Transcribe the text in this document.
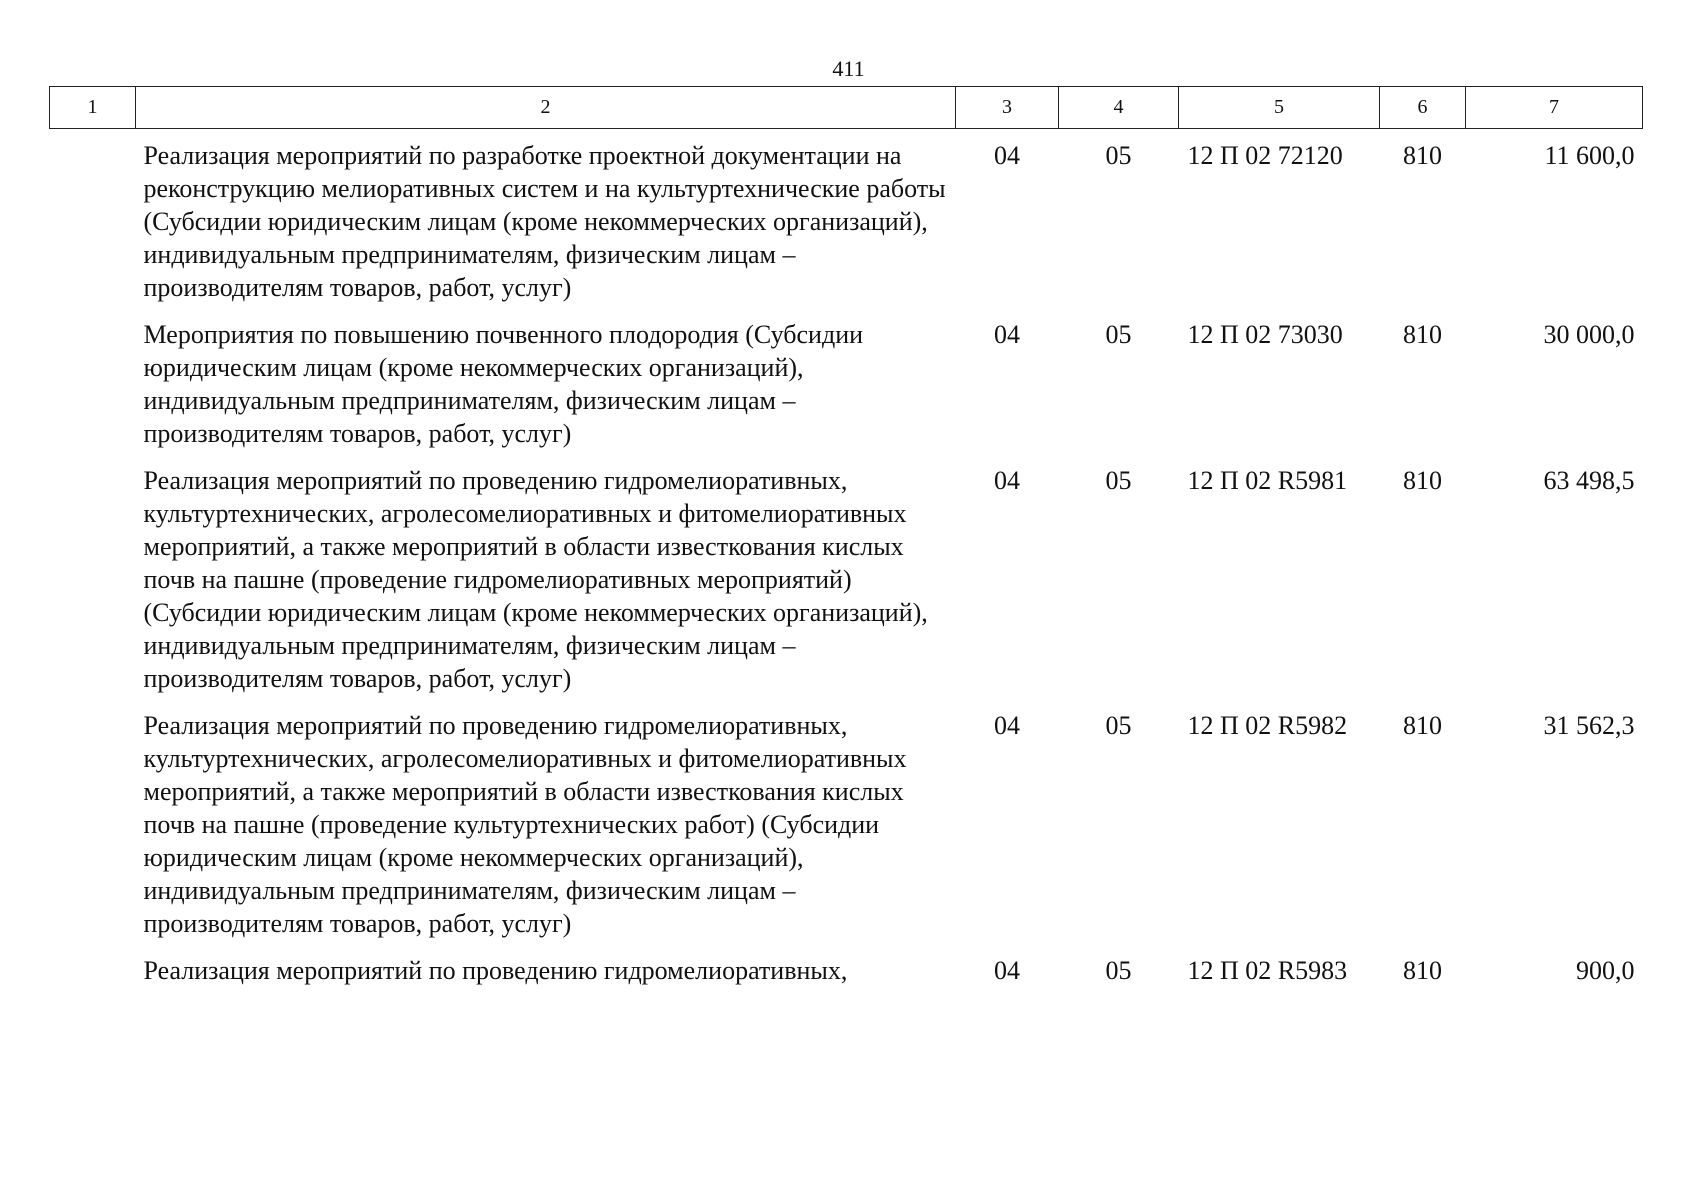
411
1	2	3	4	5	6	7
	Реализация мероприятий по разработке проектной документации на реконструкцию мелиоративных систем и на культуртехнические работы (Субсидии юридическим лицам (кроме некоммерческих организаций), индивидуальным предпринимателям, физическим лицам – производителям товаров, работ, услуг)	04	05	12 П 02 72120	810	11 600,0
	Мероприятия по повышению почвенного плодородия (Субсидии юридическим лицам (кроме некоммерческих организаций), индивидуальным предпринимателям, физическим лицам – производителям товаров, работ, услуг)	04	05	12 П 02 73030	810	30 000,0
	Реализация мероприятий по проведению гидромелиоративных, культуртехнических, агролесомелиоративных и фитомелиоративных мероприятий, а также мероприятий в области известкования кислых почв на пашне (проведение гидромелиоративных мероприятий) (Субсидии юридическим лицам (кроме некоммерческих организаций), индивидуальным предпринимателям, физическим лицам – производителям товаров, работ, услуг)	04	05	12 П 02 R5981	810	63 498,5
	Реализация мероприятий по проведению гидромелиоративных, культуртехнических, агролесомелиоративных и фитомелиоративных мероприятий, а также мероприятий в области известкования кислых почв на пашне (проведение культуртехнических работ) (Субсидии юридическим лицам (кроме некоммерческих организаций), индивидуальным предпринимателям, физическим лицам – производителям товаров, работ, услуг)	04	05	12 П 02 R5982	810	31 562,3
	Реализация мероприятий по проведению гидромелиоративных,	04	05	12 П 02 R5983	810	900,0
